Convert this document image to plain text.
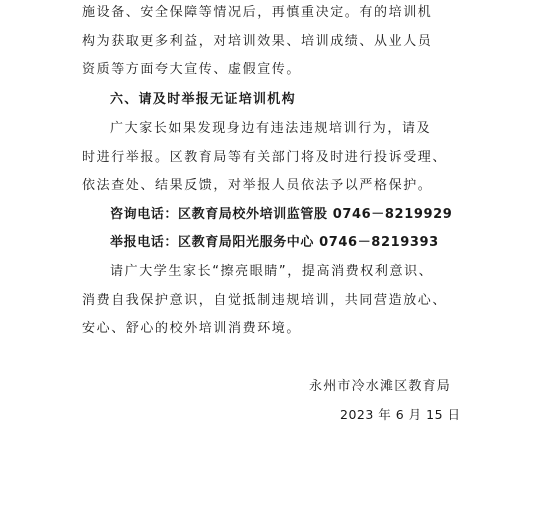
施设备、安全保障等情况后，再慎重决定。有的培训机
构为获取更多利益，对培训效果、培训成绩、从业人员
资质等方面夸大宣传、虚假宣传。
六、请及时举报无证培训机构
广大家长如果发现身边有违法违规培训行为，请及
时进行举报。区教育局等有关部门将及时进行投诉受理、
依法查处、结果反馈，对举报人员依法予以严格保护。
咨询电话：区教育局校外培训监管股 0746－8219929
举报电话：区教育局阳光服务中心 0746－8219393
请广大学生家长“擦亮眼睛”，提高消费权利意识、
消费自我保护意识，自觉抵制违规培训，共同营造放心、
安心、舒心的校外培训消费环境。
永州市冷水滩区教育局
2023 年 6 月 15 日
